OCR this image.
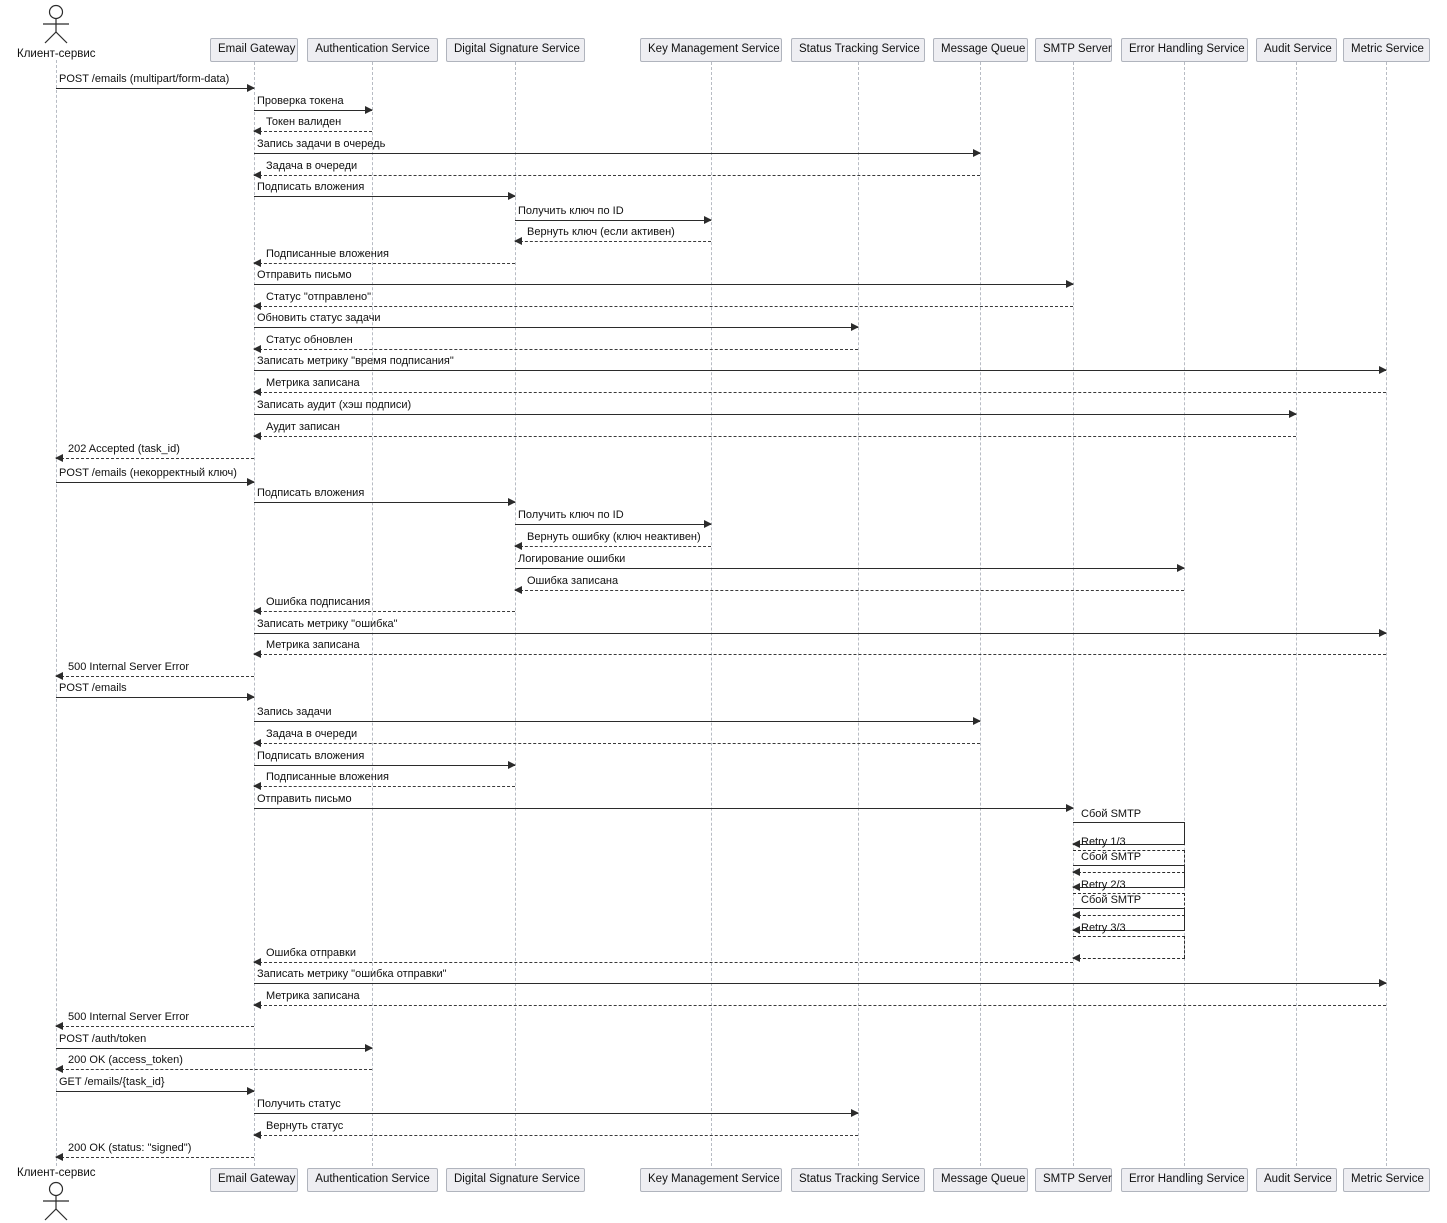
Клиент-сервис
Клиент-сервис
Email Gateway	Authentication Service	Digital Signature Service	Key Management Service	Status Tracking Service	Message Queue	SMTP Server	Error Handling Service	Audit Service	Metric Service
Email Gateway	Authentication Service	Digital Signature Service	Key Management Service	Status Tracking Service	Message Queue	SMTP Server	Error Handling Service	Audit Service	Metric Service
POST /emails (multipart/form-data)
Проверка токена
Токен валиден
Запись задачи в очередь
Задача в очереди
Подписать вложения
Получить ключ по ID
Вернуть ключ (если активен)
Подписанные вложения
Отправить письмо
Статус "отправлено"
Обновить статус задачи
Статус обновлен
Записать метрику "время подписания"
Метрика записана
Записать аудит (хэш подписи)
Аудит записан
202 Accepted (task_id)
POST /emails (некорректный ключ)
Подписать вложения
Получить ключ по ID
Вернуть ошибку (ключ неактивен)
Логирование ошибки
Ошибка записана
Ошибка подписания
Записать метрику "ошибка"
Метрика записана
500 Internal Server Error
POST /emails
Запись задачи
Задача в очереди
Подписать вложения
Подписанные вложения
Отправить письмо
Ошибка отправки
Записать метрику "ошибка отправки"
Метрика записана
500 Internal Server Error
POST /auth/token
200 OK (access_token)
GET /emails/{task_id}
Получить статус
Вернуть статус
200 OK (status: "signed")
Сбой SMTP
Retry 1/3
Сбой SMTP
Retry 2/3
Сбой SMTP
Retry 3/3
